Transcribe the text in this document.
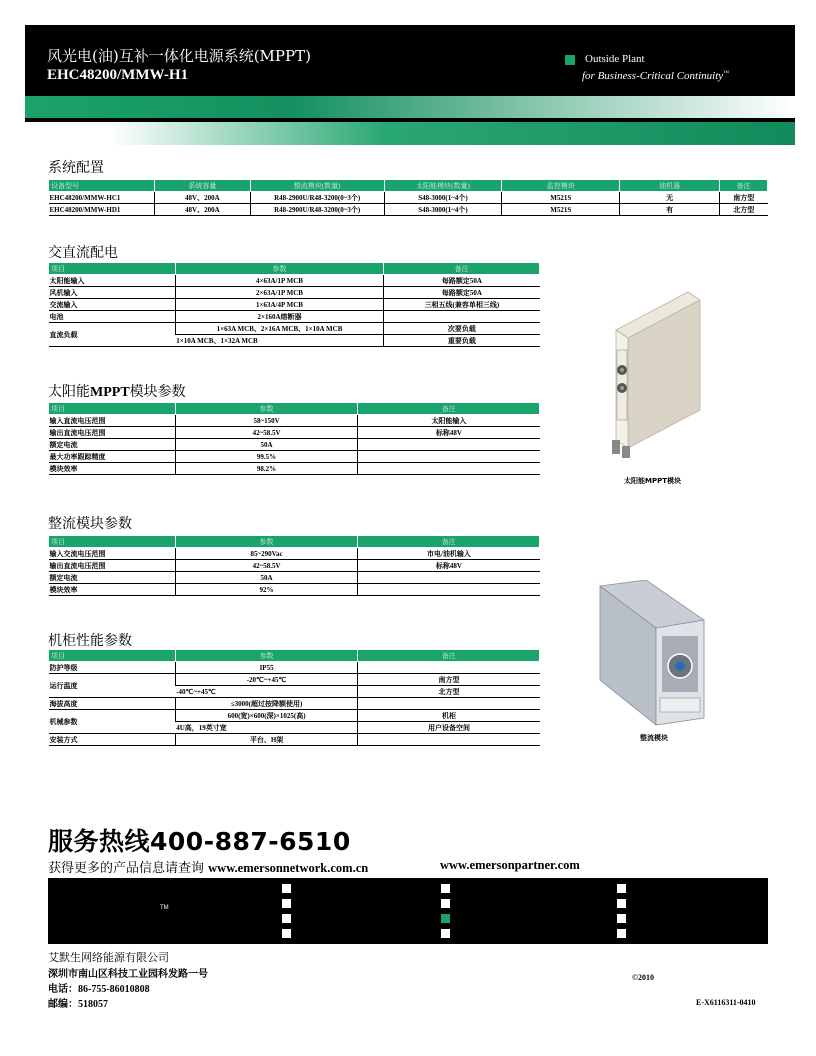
风光电(油)互补一体化电源系统(MPPT)
EHC48200/MMW-H1
Outside Plant
for Business-Critical Continuity™
系统配置
设备型号	系统容量	整流模块(数量)	太阳能模块(数量)	监控模块	油机器	备注
EHC48200/MMW-HC1	48V、200A	R48-2900U/R48-3200(0~3个)	S48-3000(1~4个)	M521S	无	南方型
EHC48200/MMW-HD1	48V、200A	R48-2900U/R48-3200(0~3个)	S48-3000(1~4个)	M521S	有	北方型
交直流配电
项目	参数	备注
太阳能输入	4×63A/1P MCB	每路额定50A
风机输入	2×63A/1P MCB	每路额定50A
交流输入	1×63A/4P MCB	三相五线(兼容单相三线)
电池	2×160A熔断器	
直流负载	1×63A MCB、2×16A MCB、1×10A MCB	次要负载
	1×10A MCB、1×32A MCB	重要负载
太阳能MPPT模块参数
项目	参数	备注
输入直流电压范围	58~150V	太阳能输入
输出直流电压范围	42~58.5V	标称48V
额定电流	50A	
最大功率跟踪精度	99.5%	
模块效率	98.2%	
整流模块参数
项目	参数	备注
输入交流电压范围	85~290Vac	市电/油机输入
输出直流电压范围	42~58.5V	标称48V
额定电流	50A	
模块效率	92%	
机柜性能参数
项目	参数	备注
防护等级	IP55	
运行温度	-20℃~+45℃	南方型
	-40℃~+45℃	北方型
海拔高度	≤3000(超过按降额使用)	
机械参数	600(宽)×600(深)×1025(高)	机柜
	4U高，19英寸宽	用户设备空间
安装方式	平台、H架	
太阳能MPPT模块
整流模块
服务热线400-887-6510
获得更多的产品信息请查询 www.emersonnetwork.com.cn	www.emersonpartner.com
TM
艾默生网络能源有限公司
深圳市南山区科技工业园科发路一号
电话：86-755-86010808
邮编：518057
©2010
E-X6116311-0410
